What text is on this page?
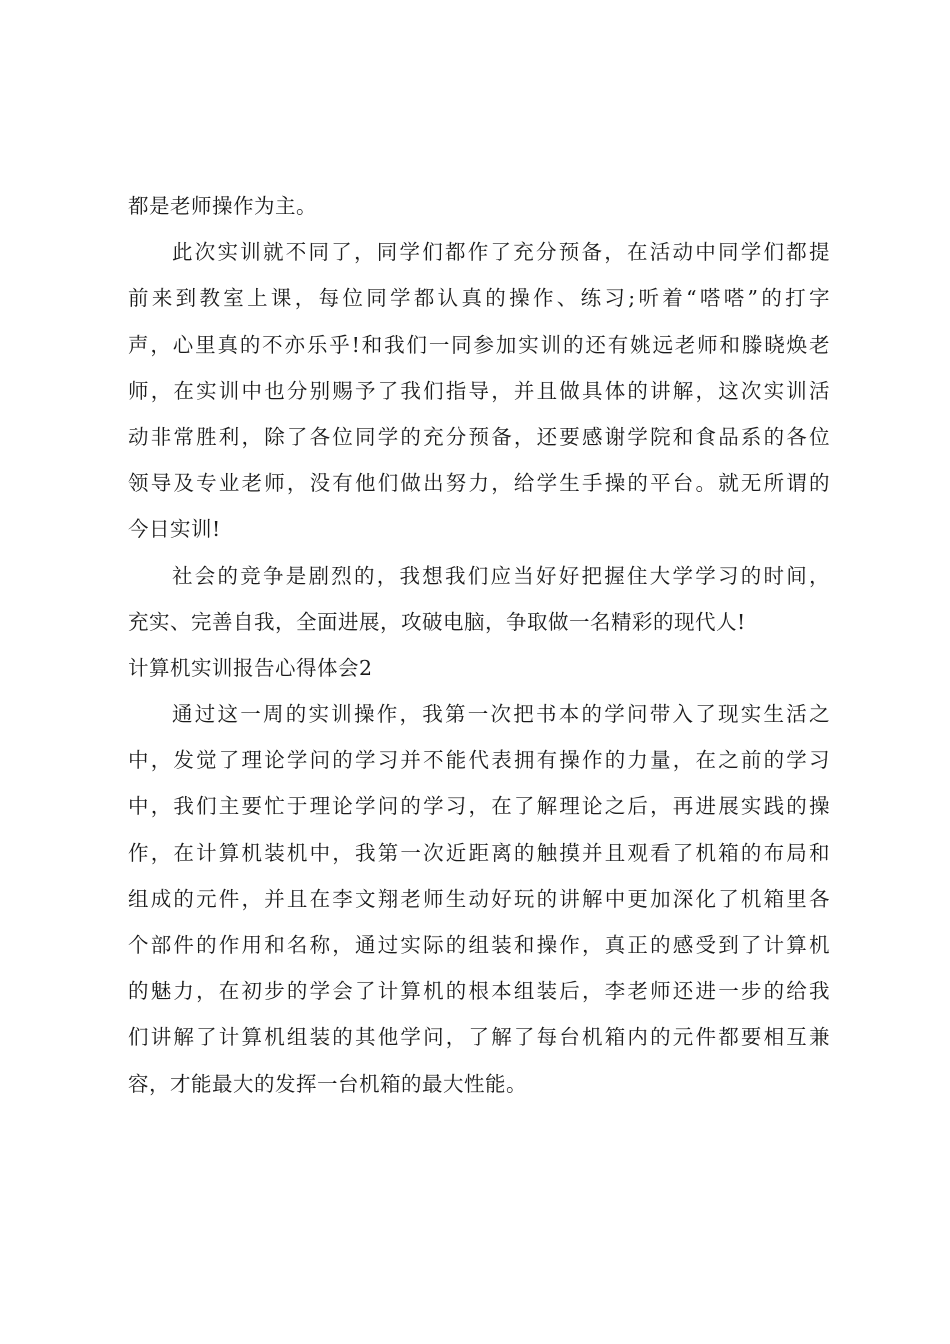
都是老师操作为主。
此次实训就不同了，同学们都作了充分预备，在活动中同学们都提
前来到教室上课，每位同学都认真的操作、练习;听着“嗒嗒”的打字
声，心里真的不亦乐乎!和我们一同参加实训的还有姚远老师和滕晓焕老
师，在实训中也分别赐予了我们指导，并且做具体的讲解，这次实训活
动非常胜利，除了各位同学的充分预备，还要感谢学院和食品系的各位
领导及专业老师，没有他们做出努力，给学生手操的平台。就无所谓的
今日实训!
社会的竞争是剧烈的，我想我们应当好好把握住大学学习的时间，
充实、完善自我，全面进展，攻破电脑，争取做一名精彩的现代人!
计算机实训报告心得体会2
通过这一周的实训操作，我第一次把书本的学问带入了现实生活之
中，发觉了理论学问的学习并不能代表拥有操作的力量，在之前的学习
中，我们主要忙于理论学问的学习，在了解理论之后，再进展实践的操
作，在计算机装机中，我第一次近距离的触摸并且观看了机箱的布局和
组成的元件，并且在李文翔老师生动好玩的讲解中更加深化了机箱里各
个部件的作用和名称，通过实际的组装和操作，真正的感受到了计算机
的魅力，在初步的学会了计算机的根本组装后，李老师还进一步的给我
们讲解了计算机组装的其他学问，了解了每台机箱内的元件都要相互兼
容，才能最大的发挥一台机箱的最大性能。
